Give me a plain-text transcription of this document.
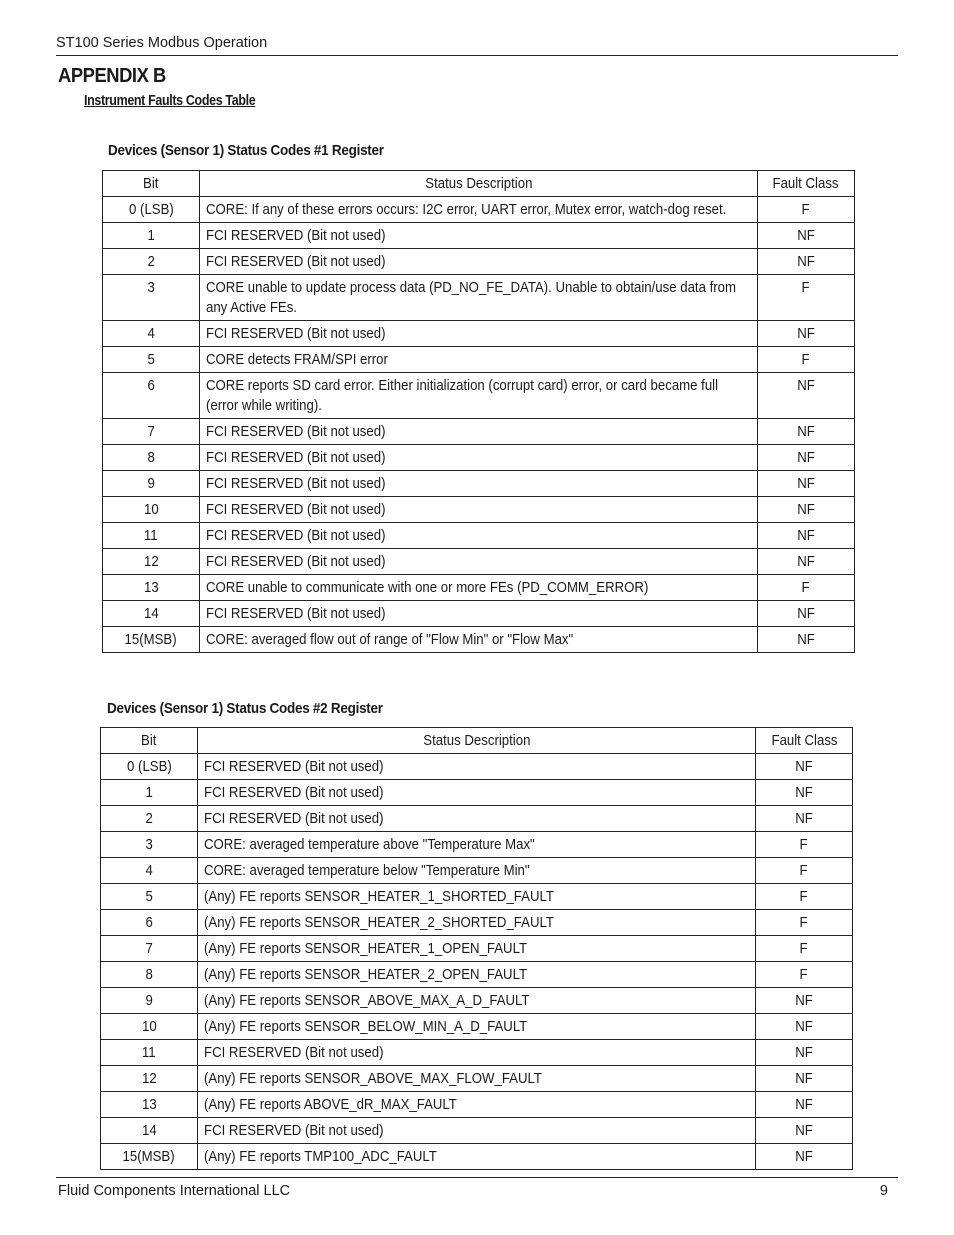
ST100 Series Modbus Operation
APPENDIX B
Instrument Faults Codes Table
Devices (Sensor 1) Status Codes #1 Register
Bit	Status Description	Fault Class
0 (LSB)	CORE: If any of these errors occurs: I2C error, UART error, Mutex error, watch-dog reset.	F
1	FCI RESERVED (Bit not used)	NF
2	FCI RESERVED (Bit not used)	NF
3	CORE unable to update process data (PD_NO_FE_DATA). Unable to obtain/use data from any Active FEs.	F
4	FCI RESERVED (Bit not used)	NF
5	CORE detects FRAM/SPI error	F
6	CORE reports SD card error. Either initialization (corrupt card) error, or card became full (error while writing).	NF
7	FCI RESERVED (Bit not used)	NF
8	FCI RESERVED (Bit not used)	NF
9	FCI RESERVED (Bit not used)	NF
10	FCI RESERVED (Bit not used)	NF
11	FCI RESERVED (Bit not used)	NF
12	FCI RESERVED (Bit not used)	NF
13	CORE unable to communicate with one or more FEs (PD_COMM_ERROR)	F
14	FCI RESERVED (Bit not used)	NF
15(MSB)	CORE: averaged flow out of range of "Flow Min" or "Flow Max"	NF
Devices (Sensor 1) Status Codes #2 Register
Bit	Status Description	Fault Class
0 (LSB)	FCI RESERVED (Bit not used)	NF
1	FCI RESERVED (Bit not used)	NF
2	FCI RESERVED (Bit not used)	NF
3	CORE: averaged temperature above "Temperature Max"	F
4	CORE: averaged temperature below "Temperature Min"	F
5	(Any) FE reports SENSOR_HEATER_1_SHORTED_FAULT	F
6	(Any) FE reports SENSOR_HEATER_2_SHORTED_FAULT	F
7	(Any) FE reports SENSOR_HEATER_1_OPEN_FAULT	F
8	(Any) FE reports SENSOR_HEATER_2_OPEN_FAULT	F
9	(Any) FE reports SENSOR_ABOVE_MAX_A_D_FAULT	NF
10	(Any) FE reports SENSOR_BELOW_MIN_A_D_FAULT	NF
11	FCI RESERVED (Bit not used)	NF
12	(Any) FE reports SENSOR_ABOVE_MAX_FLOW_FAULT	NF
13	(Any) FE reports ABOVE_dR_MAX_FAULT	NF
14	FCI RESERVED (Bit not used)	NF
15(MSB)	(Any) FE reports TMP100_ADC_FAULT	NF
Fluid Components International LLC	9
